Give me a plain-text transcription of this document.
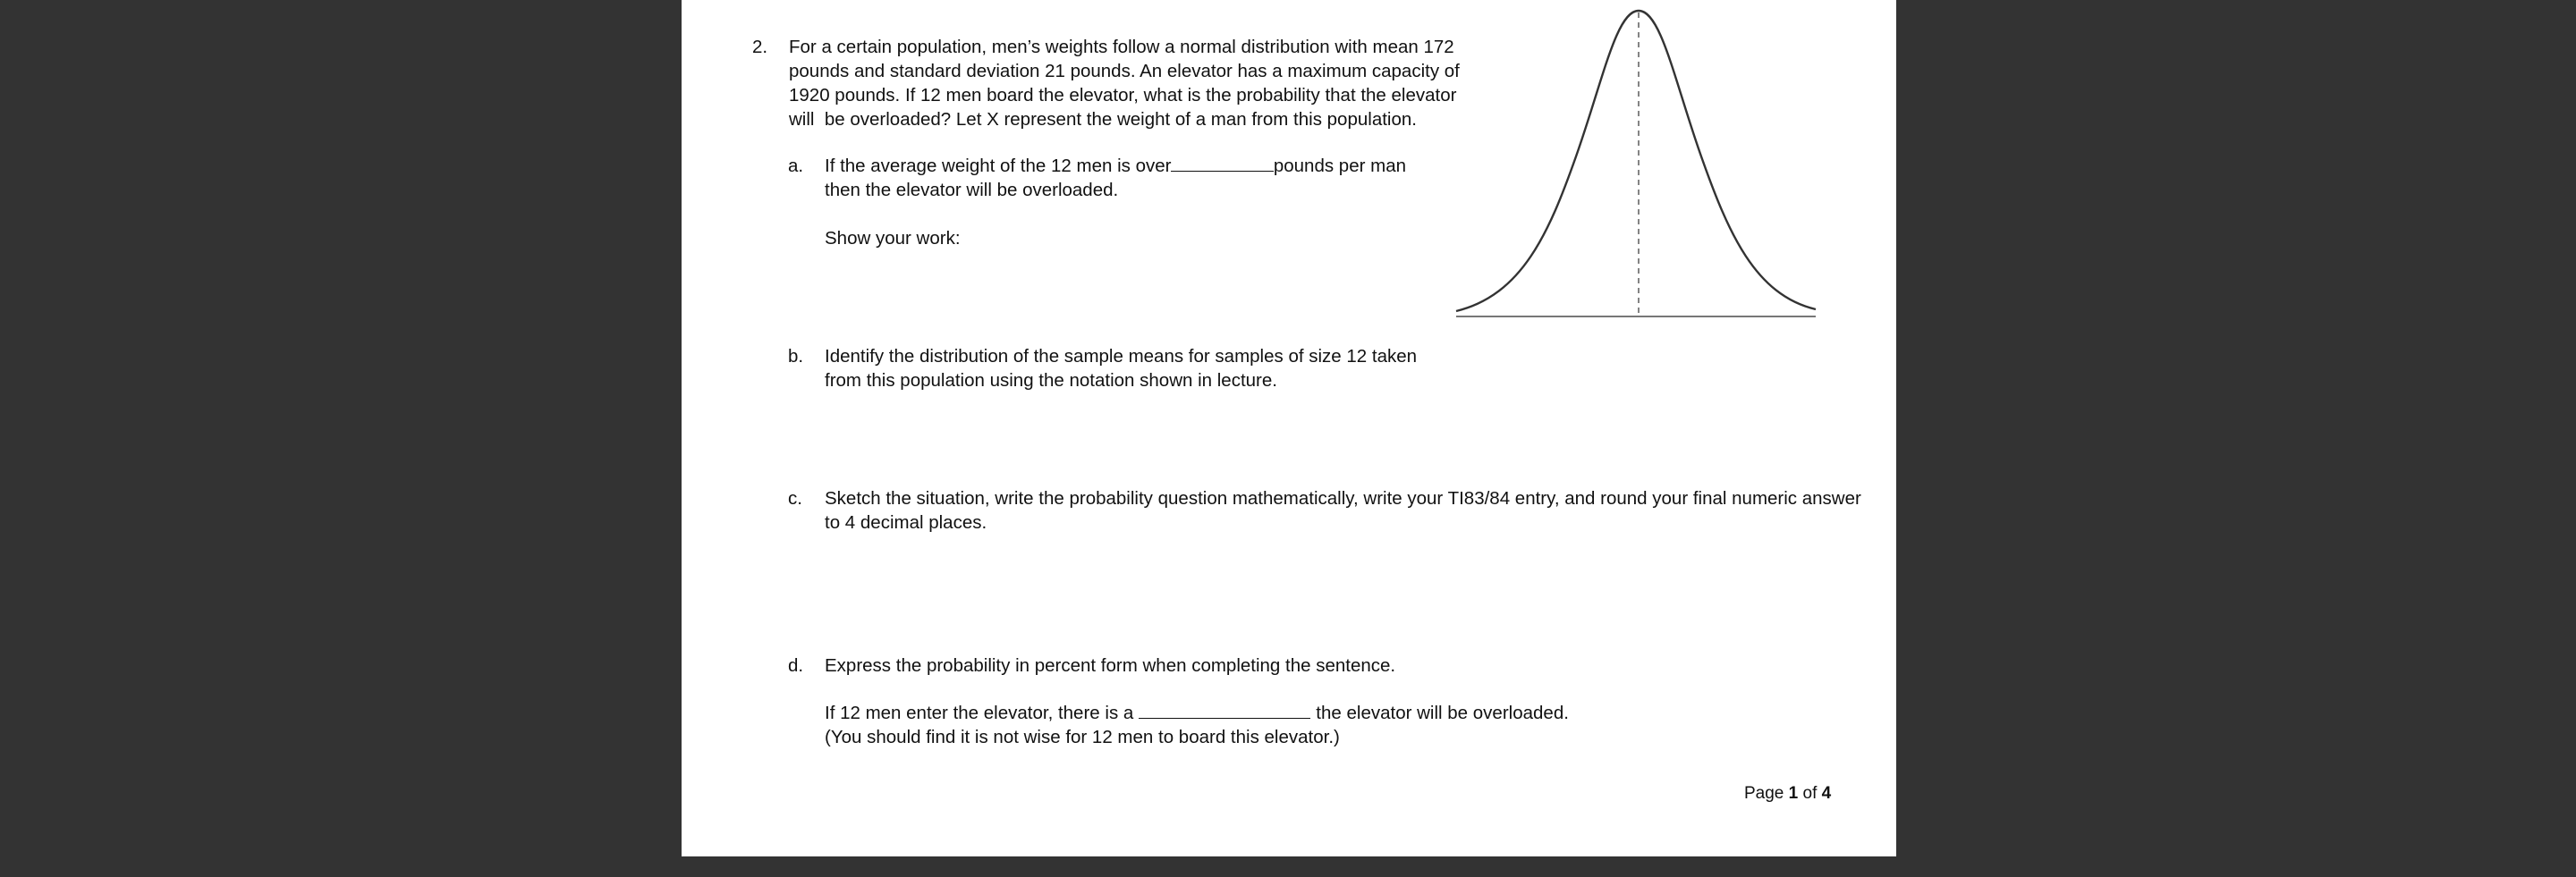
2. For a certain population, men’s weights follow a normal distribution with mean 172
pounds and standard deviation 21 pounds. An elevator has a maximum capacity of
1920 pounds. If 12 men board the elevator, what is the probability that the elevator
will  be overloaded? Let X represent the weight of a man from this population.
a. If the average weight of the 12 men is over	pounds per man
then the elevator will be overloaded.
Show your work:
b. Identify the distribution of the sample means for samples of size 12 taken
from this population using the notation shown in lecture.
c. Sketch the situation, write the probability question mathematically, write your TI83/84 entry, and round your final numeric answer
to 4 decimal places.
d. Express the probability in percent form when completing the sentence.
If 12 men enter the elevator, there is a	the elevator will be overloaded.
(You should find it is not wise for 12 men to board this elevator.)
Page 1 of 4
